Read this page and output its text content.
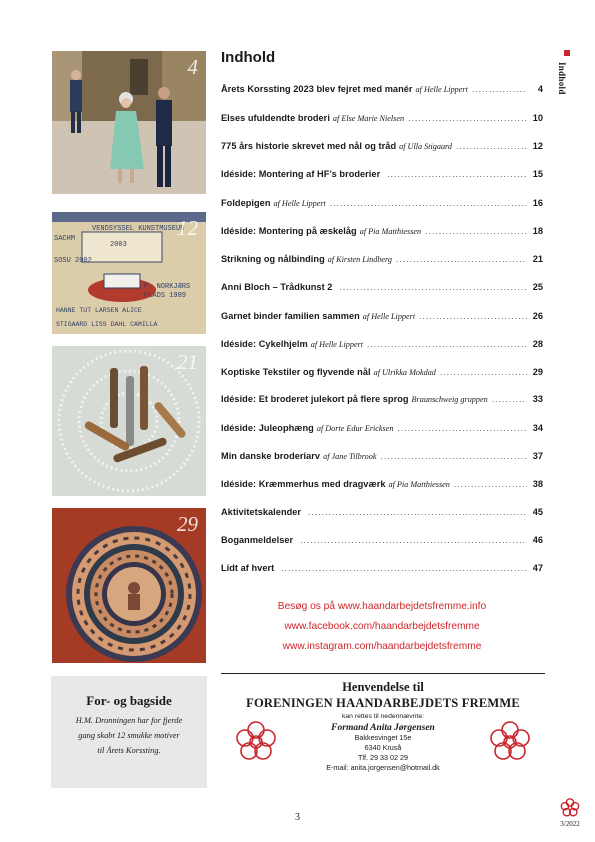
4
VENDSYSSEL KUNSTMUSEUM
SACHM
SOSU 2002
2003
P. NORKJÆRS
PLADS 1989
HANNE TUT LARSEN ALICE
STIGAARD LISS DAHL CAMILLA
12
21
29
Indhold
Indhold
Årets Korssting 2023 blev fejret med manér af Helle Lippert .....	4
Elses ufuldendte broderi af Else Marie Nielsen .....	10
775 års historie skrevet med nål og tråd af Ulla Stigaard .....	12
Idéside: Montering af HF’s broderier .....	15
Foldepigen af Helle Lippert .....	16
Idéside: Montering på æskelåg af Pia Matthiessen .....	18
Strikning og nålbinding af Kirsten Lindberg .....	21
Anni Bloch – Trådkunst 2 .....	25
Garnet binder familien sammen af Helle Lippert .....	26
Idéside: Cykelhjelm af Helle Lippert .....	28
Koptiske Tekstiler og flyvende nål af Ulrikka Mokdad .....	29
Idéside: Et broderet julekort på flere sprog Braunschweig gruppen .....	33
Idéside: Juleophæng af Dorte Edur Ericksen .....	34
Min danske broderiarv af Jane Tilbrook .....	37
Idéside: Kræmmerhus med dragværk af Pia Matthiessen .....	38
Aktivitetskalender .....	45
Boganmeldelser .....	46
Lidt af hvert .....	47
Besøg os på www.haandarbejdetsfremme.info
www.facebook.com/haandarbejdetsfremme
www.instagram.com/haandarbejdetsfremme
For- og bagside

H.M. Dronningen har for fjerde
gang skabt 12 smukke motiver
til Årets Korssting.

Henvendelse til
FORENINGEN HAANDARBEJDETS FREMME
kan rettes til nedennævnte:
Formand Anita Jørgensen
Bakkesvinget 15e
6340 Kruså
Tlf. 29 33 02 29
E-mail: anita.jorgensen@hotmail.dk
3
3/2022
